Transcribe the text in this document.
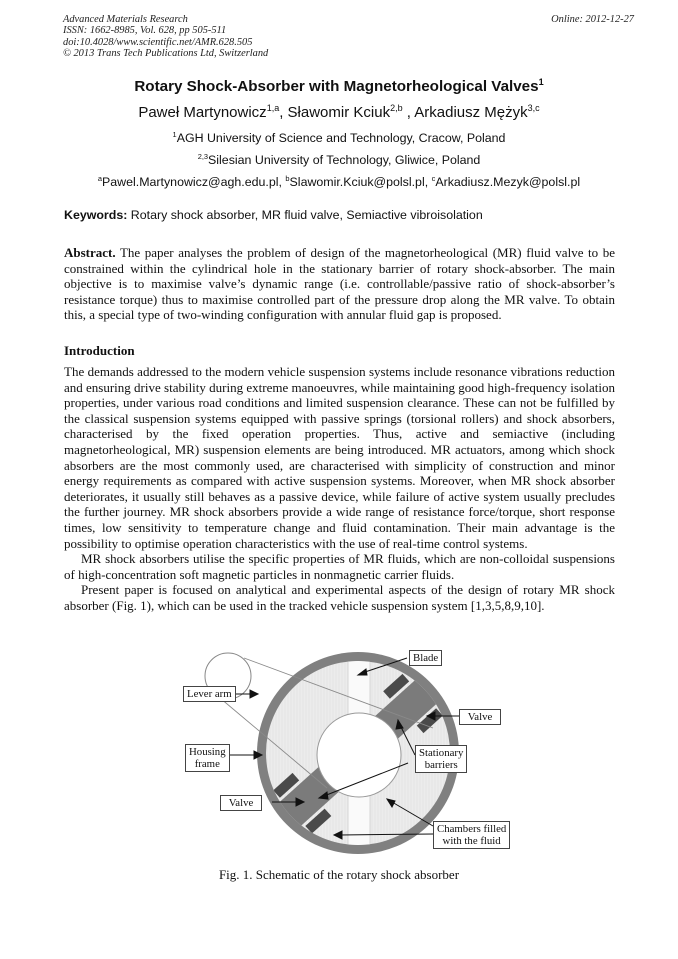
Advanced Materials Research
ISSN: 1662-8985, Vol. 628, pp 505-511
doi:10.4028/www.scientific.net/AMR.628.505
© 2013 Trans Tech Publications Ltd, Switzerland
Online: 2012-12-27
Rotary Shock-Absorber with Magnetorheological Valves$^1$
Paweł Martynowicz$^{1,a}$, Sławomir Kciuk$^{2,b}$ , Arkadiusz Mężyk$^{3,c}$
$^1$AGH University of Science and Technology, Cracow, Poland
$^{2,3}$Silesian University of Technology, Gliwice, Poland
$^a$Pawel.Martynowicz@agh.edu.pl, $^b$Slawomir.Kciuk@polsl.pl, $^c$Arkadiusz.Mezyk@polsl.pl
Keywords: Rotary shock absorber, MR fluid valve, Semiactive vibroisolation
Abstract. The paper analyses the problem of design of the magnetorheological (MR) fluid valve to be constrained within the cylindrical hole in the stationary barrier of rotary shock-absorber. The main objective is to maximise valve’s dynamic range (i.e. controllable/passive ratio of shock-absorber’s resistance torque) thus to maximise controlled part of the pressure drop along the MR valve. To obtain this, a special type of two-winding configuration with annular fluid gap is proposed.
Introduction
The demands addressed to the modern vehicle suspension systems include resonance vibrations reduction and ensuring drive stability during extreme manoeuvres, while maintaining good high-frequency isolation properties, under various road conditions and limited suspension clearance. These can not be fulfilled by the classical suspension systems equipped with passive springs (torsional rollers) and shock absorbers, characterised by the fixed operation properties. Thus, active and semiactive (including magnetorheological, MR) suspension elements are being introduced. MR actuators, among which shock absorbers are the most commonly used, are characterised with simplicity of construction and minor energy requirements as compared with active suspension systems. Moreover, when MR shock absorber deteriorates, it usually still behaves as a passive device, while failure of active system usually precludes the further journey. MR shock absorbers provide a wide range of resistance force/torque, short response times, low sensitivity to temperature change and fluid contamination. Their main advantage is the possibility to optimise operation characteristics with the use of real-time control systems.
MR shock absorbers utilise the specific properties of MR fluids, which are non-colloidal suspensions of high-concentration soft magnetic particles in nonmagnetic carrier fluids.
Present paper is focused on analytical and experimental aspects of the design of rotary MR shock absorber (Fig. 1), which can be used in the tracked vehicle suspension system [1,3,5,8,9,10].
Blade
Lever arm
Valve
Housing
frame
Stationary
barriers
Valve
Chambers filled
with the fluid
Fig. 1. Schematic of the rotary shock absorber
